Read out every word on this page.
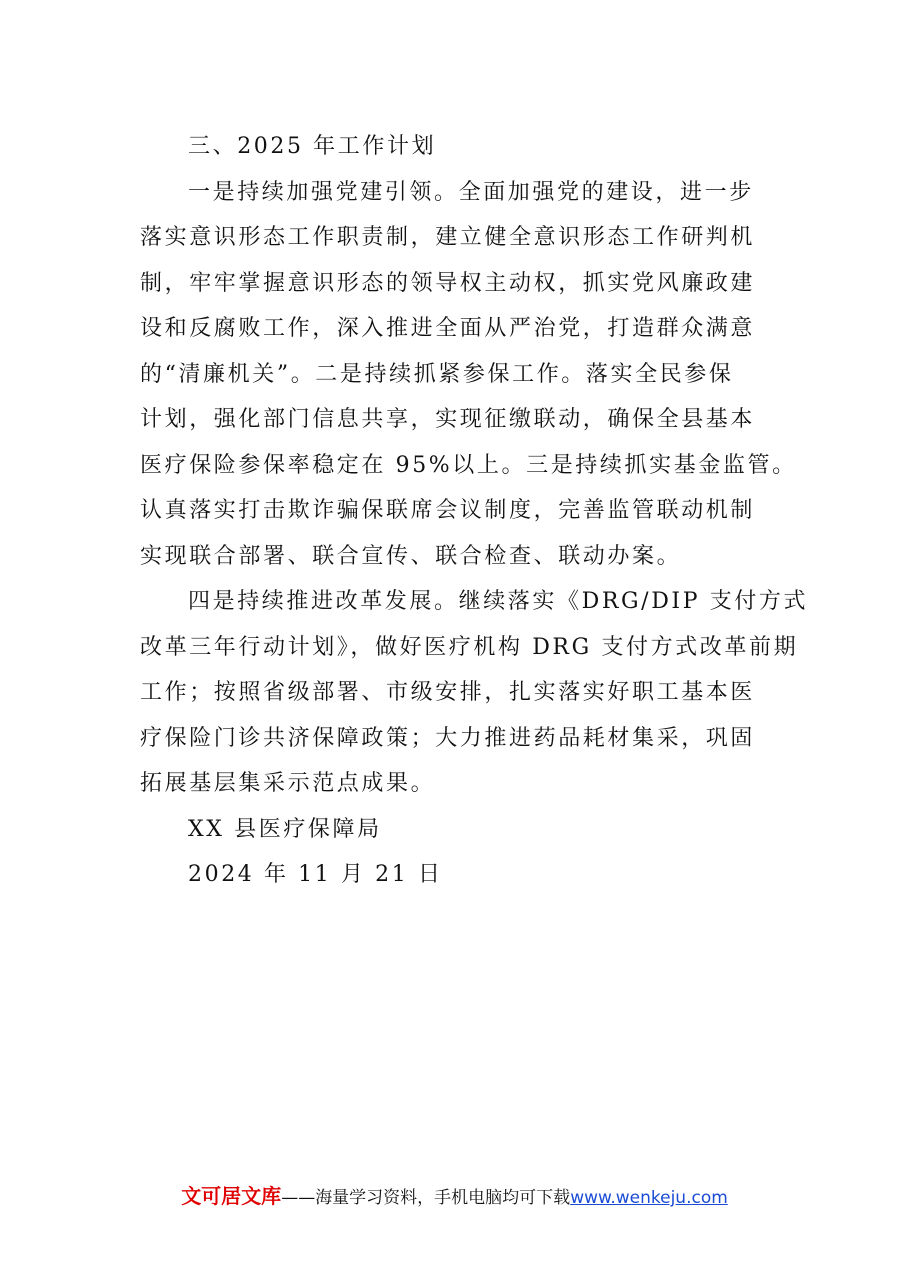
三、2025 年工作计划
一是持续加强党建引领。全面加强党的建设，进一步
落实意识形态工作职责制，建立健全意识形态工作研判机
制，牢牢掌握意识形态的领导权主动权，抓实党风廉政建
设和反腐败工作，深入推进全面从严治党，打造群众满意
的“清廉机关”。二是持续抓紧参保工作。落实全民参保
计划，强化部门信息共享，实现征缴联动，确保全县基本
医疗保险参保率稳定在 95%以上。三是持续抓实基金监管。
认真落实打击欺诈骗保联席会议制度，完善监管联动机制
实现联合部署、联合宣传、联合检查、联动办案。
四是持续推进改革发展。继续落实《DRG/DIP 支付方式
改革三年行动计划》，做好医疗机构 DRG 支付方式改革前期
工作；按照省级部署、市级安排，扎实落实好职工基本医
疗保险门诊共济保障政策；大力推进药品耗材集采，巩固
拓展基层集采示范点成果。
XX 县医疗保障局
2024 年 11 月 21 日
文可居文库——海量学习资料，手机电脑均可下载www.wenkeju.com
